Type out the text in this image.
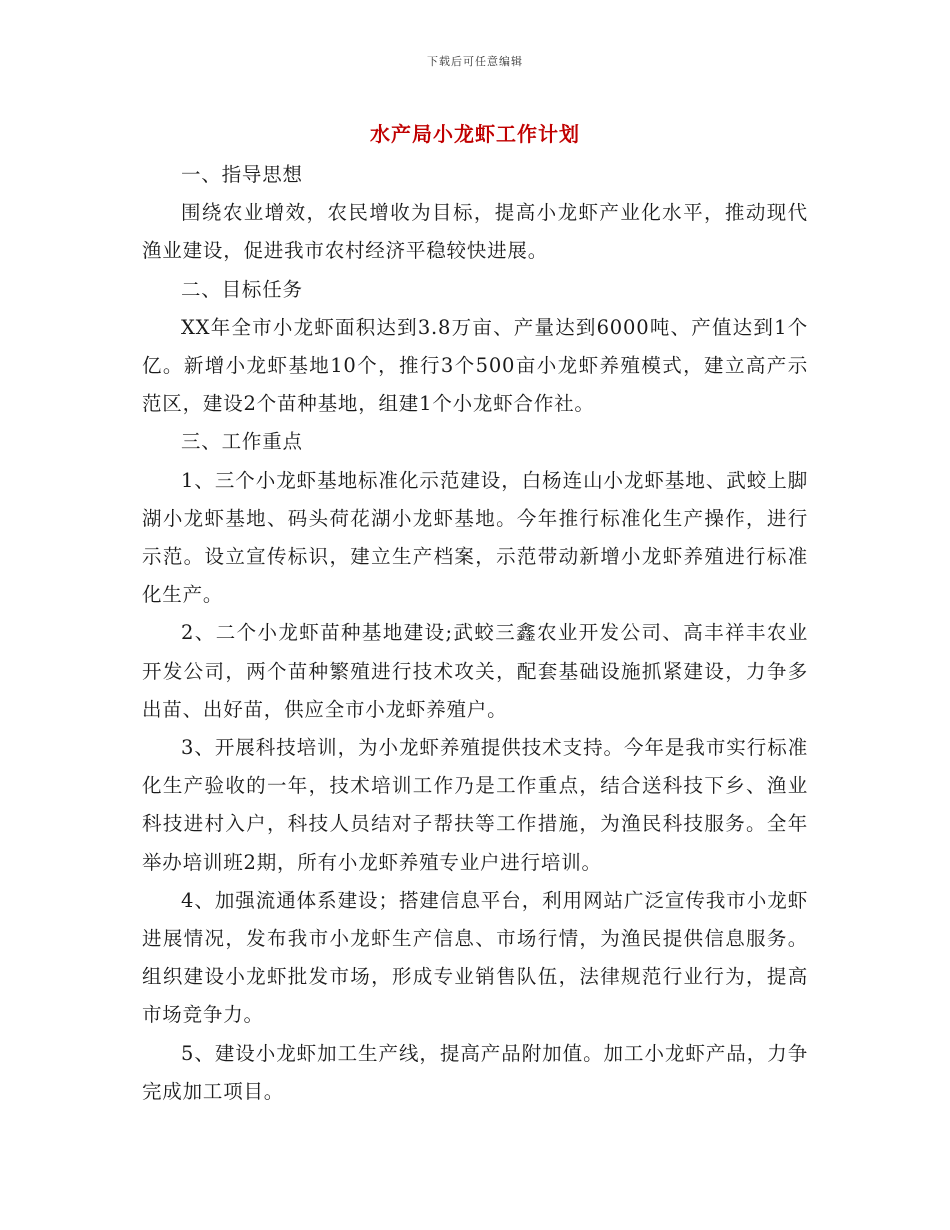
下载后可任意编辑
水产局小龙虾工作计划

一、指导思想

围绕农业增效，农民增收为目标，提高小龙虾产业化水平，推动现代渔业建设，促进我市农村经济平稳较快进展。

二、目标任务

XX年全市小龙虾面积达到3.8万亩、产量达到6000吨、产值达到1个亿。新增小龙虾基地10个，推行3个500亩小龙虾养殖模式，建立高产示范区，建设2个苗种基地，组建1个小龙虾合作社。

三、工作重点

1、三个小龙虾基地标准化示范建设，白杨连山小龙虾基地、武蛟上脚湖小龙虾基地、码头荷花湖小龙虾基地。今年推行标准化生产操作，进行示范。设立宣传标识，建立生产档案，示范带动新增小龙虾养殖进行标准化生产。

2、二个小龙虾苗种基地建设;武蛟三鑫农业开发公司、高丰祥丰农业开发公司，两个苗种繁殖进行技术攻关，配套基础设施抓紧建设，力争多出苗、出好苗，供应全市小龙虾养殖户。

3、开展科技培训，为小龙虾养殖提供技术支持。今年是我市实行标准化生产验收的一年，技术培训工作乃是工作重点，结合送科技下乡、渔业科技进村入户，科技人员结对子帮扶等工作措施，为渔民科技服务。全年举办培训班2期，所有小龙虾养殖专业户进行培训。

4、加强流通体系建设；搭建信息平台，利用网站广泛宣传我市小龙虾进展情况，发布我市小龙虾生产信息、市场行情，为渔民提供信息服务。组织建设小龙虾批发市场，形成专业销售队伍，法律规范行业行为，提高市场竞争力。

5、建设小龙虾加工生产线，提高产品附加值。加工小龙虾产品，力争完成加工项目。
